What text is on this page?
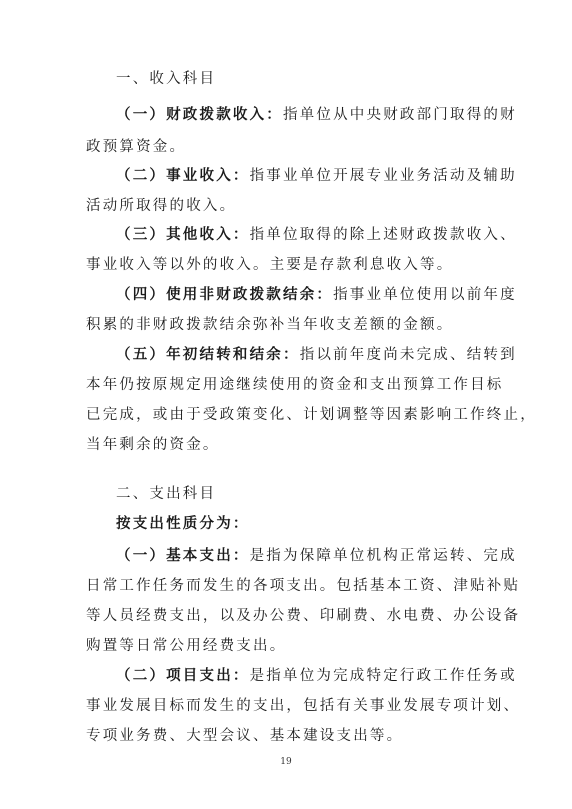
一、收入科目
（一）财政拨款收入：指单位从中央财政部门取得的财
政预算资金。
（二）事业收入：指事业单位开展专业业务活动及辅助
活动所取得的收入。
（三）其他收入：指单位取得的除上述财政拨款收入、
事业收入等以外的收入。主要是存款利息收入等。
（四）使用非财政拨款结余：指事业单位使用以前年度
积累的非财政拨款结余弥补当年收支差额的金额。
（五）年初结转和结余：指以前年度尚未完成、结转到
本年仍按原规定用途继续使用的资金和支出预算工作目标
已完成，或由于受政策变化、计划调整等因素影响工作终止，
当年剩余的资金。
二、支出科目
按支出性质分为：
（一）基本支出：是指为保障单位机构正常运转、完成
日常工作任务而发生的各项支出。包括基本工资、津贴补贴
等人员经费支出，以及办公费、印刷费、水电费、办公设备
购置等日常公用经费支出。
（二）项目支出：是指单位为完成特定行政工作任务或
事业发展目标而发生的支出，包括有关事业发展专项计划、
专项业务费、大型会议、基本建设支出等。
19
